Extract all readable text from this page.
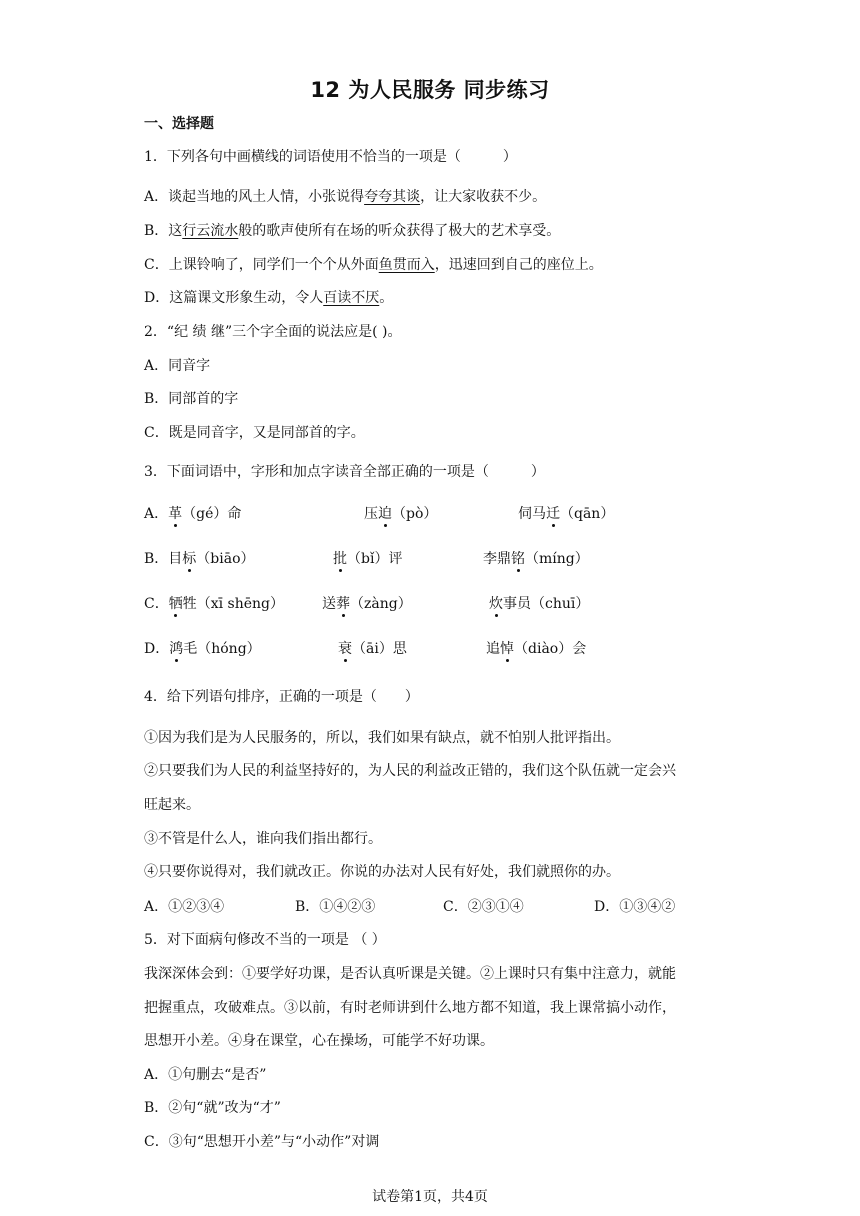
12 为人民服务 同步练习
一、选择题
1．下列各句中画横线的词语使用不恰当的一项是（　　　）
A．谈起当地的风土人情，小张说得夸夸其谈，让大家收获不少。
B．这行云流水般的歌声使所有在场的听众获得了极大的艺术享受。
C．上课铃响了，同学们一个个从外面鱼贯而入，迅速回到自己的座位上。
D．这篇课文形象生动，令人百读不厌。
2．“纪 绩 继”三个字全面的说法应是( )。
A．同音字
B．同部首的字
C．既是同音字，又是同部首的字。
3．下面词语中，字形和加点字读音全部正确的一项是（　　　）
A．革（gé）命	压迫（pò）	伺马迁（qān）
B．目标（biāo）	批（bǐ）评	李鼎铭（míng）
C．牺牲（xī shēng）	送葬（zàng）	炊事员（chuī）
D．鸿毛（hóng）	衰（āi）思	追悼（diào）会
4．给下列语句排序，正确的一项是（　　）
①因为我们是为人民服务的，所以，我们如果有缺点，就不怕别人批评指出。
②只要我们为人民的利益坚持好的，为人民的利益改正错的，我们这个队伍就一定会兴
旺起来。
③不管是什么人，谁向我们指出都行。
④只要你说得对，我们就改正。你说的办法对人民有好处，我们就照你的办。
A．①②③④	B．①④②③	C．②③①④	D．①③④②
5．对下面病句修改不当的一项是 （ ）
我深深体会到：①要学好功课，是否认真听课是关键。②上课时只有集中注意力，就能
把握重点，攻破难点。③以前，有时老师讲到什么地方都不知道，我上课常搞小动作，
思想开小差。④身在课堂，心在操场，可能学不好功课。
A．①句删去“是否”
B．②句“就”改为“才”
C．③句“思想开小差”与“小动作”对调
试卷第1页，共4页
